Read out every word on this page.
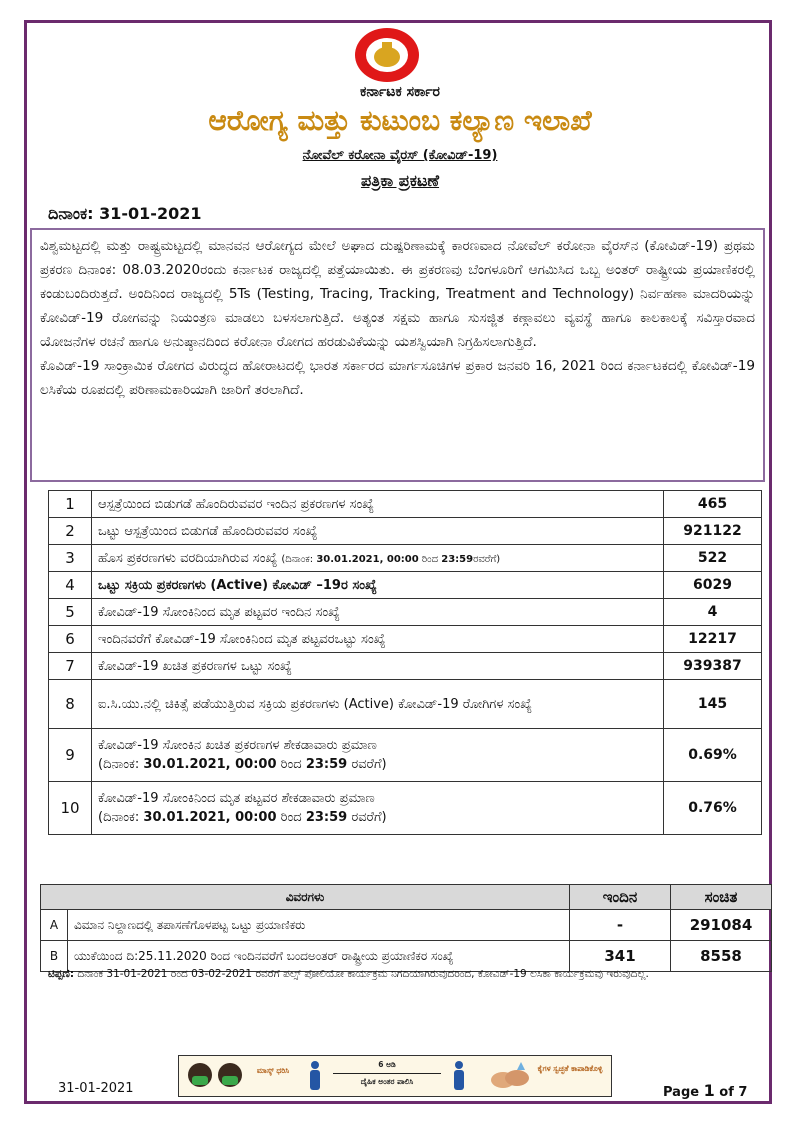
ಕರ್ನಾಟಕ ಸರ್ಕಾರ
ಆರೋಗ್ಯ ಮತ್ತು ಕುಟುಂಬ ಕಲ್ಯಾಣ ಇಲಾಖೆ
ನೋವೆಲ್ ಕರೋನಾ ವೈರಸ್ (ಕೋವಿಡ್-19)
ಪತ್ರಿಕಾ ಪ್ರಕಟಣೆ
ದಿನಾಂಕ: 31-01-2021

ವಿಶ್ವಮಟ್ಟದಲ್ಲಿ ಮತ್ತು ರಾಷ್ಟ್ರಮಟ್ಟದಲ್ಲಿ ಮಾನವನ ಆರೋಗ್ಯದ ಮೇಲೆ ಅಘಾದ ದುಷ್ಪರಿಣಾಮಕ್ಕೆ ಕಾರಣವಾದ ನೋವೆಲ್ ಕರೋನಾ ವೈರಸ್‌ನ (ಕೋವಿಡ್-19) ಪ್ರಥಮ ಪ್ರಕರಣ ದಿನಾಂಕ: 08.03.2020ರಂದು ಕರ್ನಾಟಕ ರಾಜ್ಯದಲ್ಲಿ ಪತ್ತೆಯಾಯಿತು. ಈ ಪ್ರಕರಣವು ಬೆಂಗಳೂರಿಗೆ ಆಗಮಿಸಿದ ಒಬ್ಬ ಅಂತರ್ ರಾಷ್ಟ್ರೀಯ ಪ್ರಯಾಣಿಕರಲ್ಲಿ ಕಂಡುಬಂದಿರುತ್ತದೆ. ಅಂದಿನಿಂದ ರಾಜ್ಯದಲ್ಲಿ 5Ts (Testing, Tracing, Tracking, Treatment and Technology) ನಿರ್ವಹಣಾ ಮಾದರಿಯನ್ನು ಕೋವಿಡ್-19 ರೋಗವನ್ನು ನಿಯಂತ್ರಣ ಮಾಡಲು ಬಳಸಲಾಗುತ್ತಿದೆ. ಅತ್ಯಂತ ಸಕ್ಷಮ ಹಾಗೂ ಸುಸಜ್ಜಿತ ಕಣ್ಗಾವಲು ವ್ಯವಸ್ಥೆ ಹಾಗೂ ಕಾಲಕಾಲಕ್ಕೆ ಸವಿಸ್ತಾರವಾದ ಯೋಜನೆಗಳ ರಚನೆ ಹಾಗೂ ಅನುಷ್ಠಾನದಿಂದ ಕರೋನಾ ರೋಗದ ಹರಡುವಿಕೆಯನ್ನು ಯಶಸ್ವಿಯಾಗಿ ನಿಗ್ರಹಿಸಲಾಗುತ್ತಿದೆ.

ಕೊವಿಡ್-19 ಸಾಂಕ್ರಾಮಿಕ ರೋಗದ ವಿರುದ್ಧದ ಹೋರಾಟದಲ್ಲಿ ಭಾರತ ಸರ್ಕಾರದ ಮಾರ್ಗಸೂಚಿಗಳ ಪ್ರಕಾರ ಜನವರಿ 16, 2021 ರಿಂದ ಕರ್ನಾಟಕದಲ್ಲಿ ಕೋವಿಡ್-19 ಲಸಿಕೆಯ ರೂಪದಲ್ಲಿ ಪರಿಣಾಮಕಾರಿಯಾಗಿ ಜಾರಿಗೆ ತರಲಾಗಿದೆ.

1	ಆಸ್ಪತ್ರೆಯಿಂದ ಬಿಡುಗಡೆ ಹೊಂದಿರುವವರ ಇಂದಿನ ಪ್ರಕರಣಗಳ ಸಂಖ್ಯೆ	465
2	ಒಟ್ಟು ಆಸ್ಪತ್ರೆಯಿಂದ ಬಿಡುಗಡೆ ಹೊಂದಿರುವವರ ಸಂಖ್ಯೆ	921122
3	ಹೊಸ ಪ್ರಕರಣಗಳು ವರದಿಯಾಗಿರುವ ಸಂಖ್ಯೆ (ದಿನಾಂಕ: 30.01.2021, 00:00 ರಿಂದ 23:59ರವರೆಗೆ)	522
4	ಒಟ್ಟು ಸಕ್ರಿಯ ಪ್ರಕರಣಗಳು (Active) ಕೋವಿಡ್ –19ರ ಸಂಖ್ಯೆ	6029
5	ಕೋವಿಡ್-19 ಸೋಂಕಿನಿಂದ ಮೃತ ಪಟ್ಟವರ ಇಂದಿನ ಸಂಖ್ಯೆ	4
6	ಇಂದಿನವರೆಗೆ ಕೋವಿಡ್-19 ಸೋಂಕಿನಿಂದ ಮೃತ ಪಟ್ಟವರಒಟ್ಟು ಸಂಖ್ಯೆ	12217
7	ಕೋವಿಡ್-19 ಖಚಿತ ಪ್ರಕರಣಗಳ ಒಟ್ಟು ಸಂಖ್ಯೆ	939387
8	ಐ.ಸಿ.ಯು.ನಲ್ಲಿ ಚಿಕಿತ್ಸೆ ಪಡೆಯುತ್ತಿರುವ ಸಕ್ರಿಯ ಪ್ರಕರಣಗಳು (Active) ಕೋವಿಡ್-19 ರೋಗಿಗಳ ಸಂಖ್ಯೆ	145
9	ಕೋವಿಡ್-19 ಸೋಂಕಿನ ಖಚಿತ ಪ್ರಕರಣಗಳ ಶೇಕಡಾವಾರು ಪ್ರಮಾಣ
(ದಿನಾಂಕ: 30.01.2021, 00:00 ರಿಂದ 23:59 ರವರೆಗೆ)	0.69%
10	ಕೋವಿಡ್-19 ಸೋಂಕಿನಿಂದ ಮೃತ ಪಟ್ಟವರ ಶೇಕಡಾವಾರು ಪ್ರಮಾಣ
(ದಿನಾಂಕ: 30.01.2021, 00:00 ರಿಂದ 23:59 ರವರೆಗೆ)	0.76%
ವಿವರಗಳು		ಇಂದಿನ	ಸಂಚಿತ
A	ವಿಮಾನ ನಿಲ್ದಾಣದಲ್ಲಿ ತಪಾಸಣೆಗೊಳಪಟ್ಟ ಒಟ್ಟು ಪ್ರಯಾಣಿಕರು	-	291084
B	ಯುಕೆಯಿಂದ ದಿ:25.11.2020 ರಿಂದ ಇಂದಿನವರೆಗೆ ಬಂದಅಂತರ್ ರಾಷ್ಟ್ರೀಯ ಪ್ರಯಾಣಿಕರ ಸಂಖ್ಯೆ	341	8558
ಟಿಪ್ಪಣಿ: ದಿನಾಂಕ 31-01-2021 ರಿಂದ 03-02-2021 ರವರೆಗೆ ಪಲ್ಸ್ ಪೋಲಿಯೋ ಕಾರ್ಯಕ್ರಮ ನಿಗದಿಯಾಗಿರುವುದರಿಂದ, ಕೋವಿಡ್-19 ಲಸಿಕಾ ಕಾರ್ಯಕ್ರಮವು ಇರುವುದಿಲ್ಲ.
31-01-2021
ಮಾಸ್ಕ್ ಧರಿಸಿ
6 ಅಡಿ
ದೈಹಿಕ ಅಂತರ ಪಾಲಿಸಿ
ಕೈಗಳ ಸ್ವಚ್ಛತೆ ಕಾಪಾಡಿಕೊಳ್ಳಿ
Page 1 of 7
